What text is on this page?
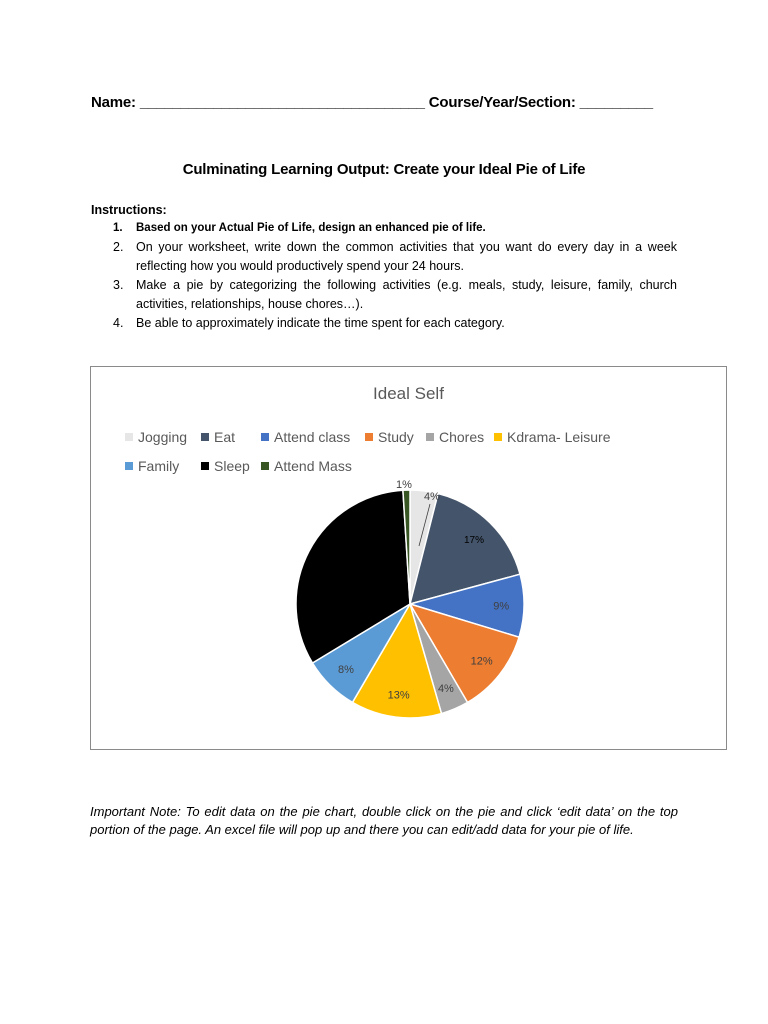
Name: ___________________________________ Course/Year/Section: _________
Culminating Learning Output: Create your Ideal Pie of Life
Instructions:
1. Based on your Actual Pie of Life, design an enhanced pie of life.
2. On your worksheet, write down the common activities that you want do every day in a week reflecting how you would productively spend your 24 hours.
3. Make a pie by categorizing the following activities (e.g. meals, study, leisure, family, church activities, relationships, house chores…).
4. Be able to approximately indicate the time spent for each category.
Ideal Self
Jogging	Eat	Attend class	Study	Chores	Kdrama- Leisure
Family	Sleep	Attend Mass
4%
17%
9%
12%
4%
13%
8%
1%
Important Note: To edit data on the pie chart, double click on the pie and click ‘edit data’ on the top portion of the page. An excel file will pop up and there you can edit/add data for your pie of life.
